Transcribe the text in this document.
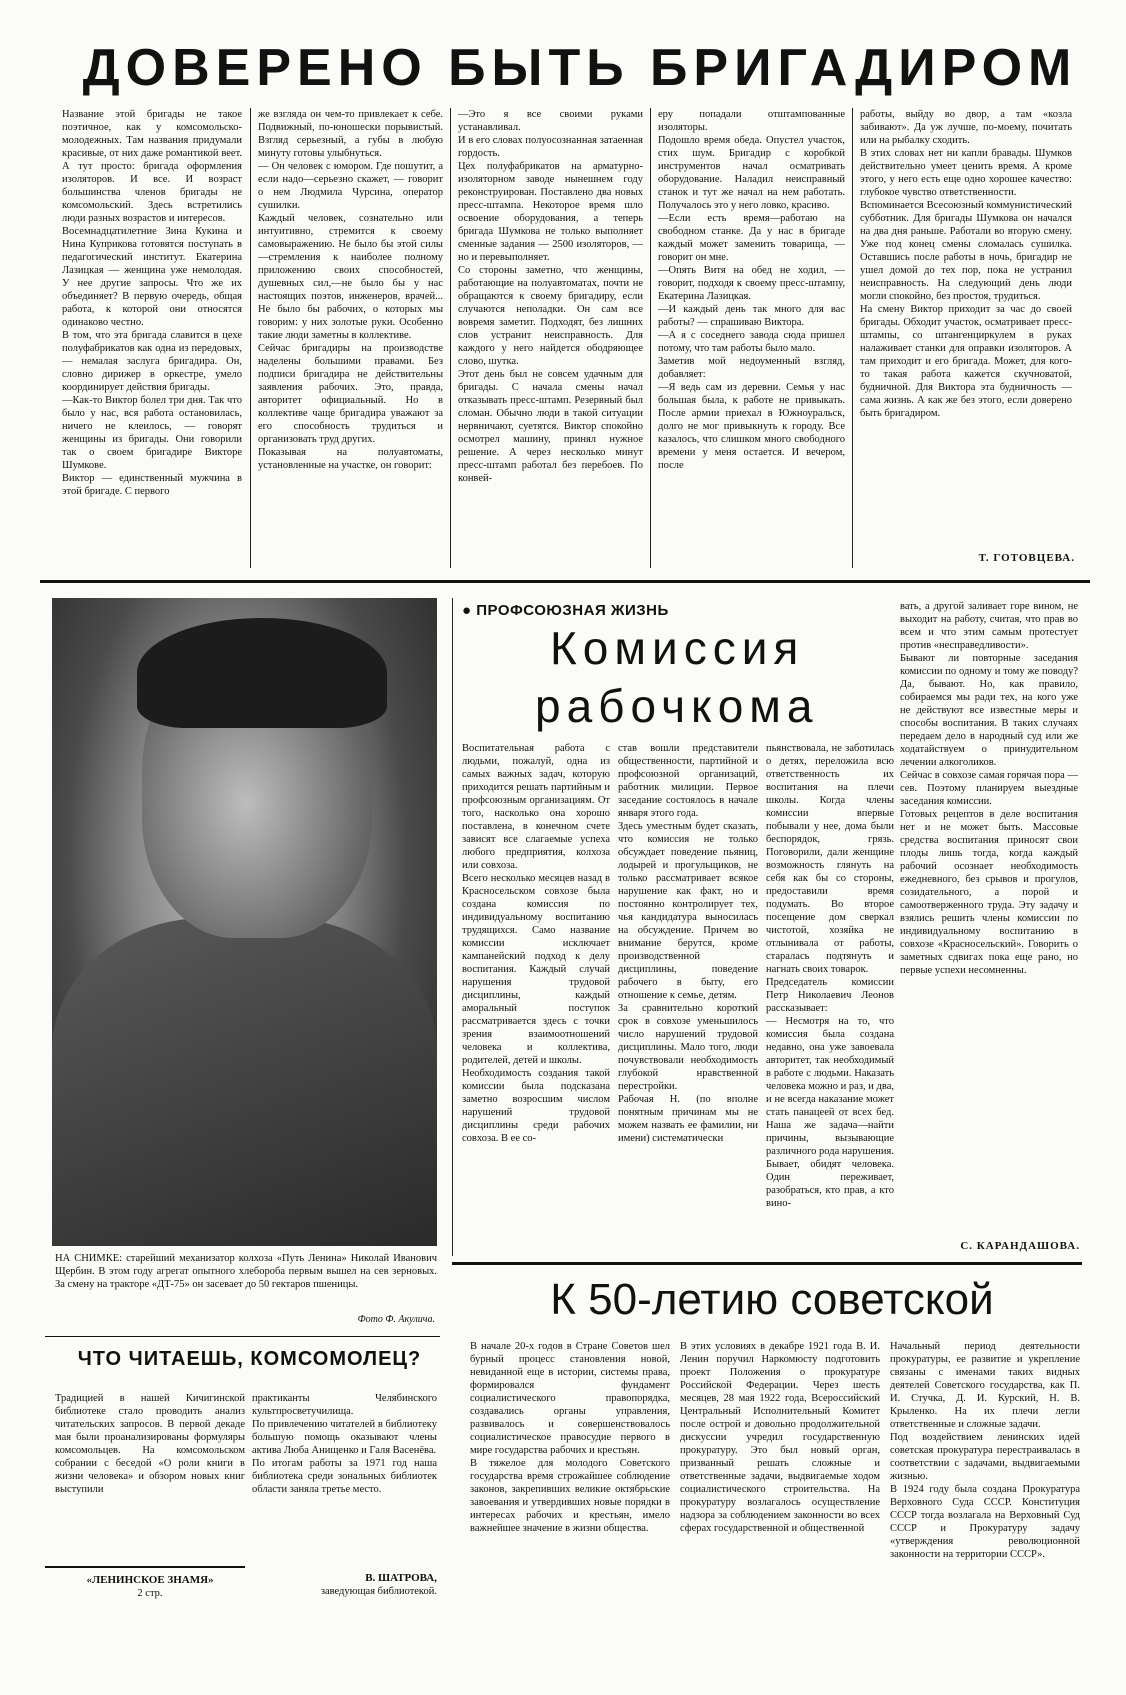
ДОВЕРЕНО БЫТЬ БРИГАДИРОМ
Название этой бригады не такое поэтичное, как у комсомольско-молодежных. Там названия придумали красивые, от них даже романтикой веет. А тут просто: бригада оформления изоляторов. И все. И возраст большинства членов бригады не комсомольский. Здесь встретились люди разных возрастов и интересов.
Восемнадцатилетние Зина Кукина и Нина Куприкова готовятся поступать в педагогический институт. Екатерина Лазицкая — женщина уже немолодая. У нее другие запросы. Что же их объединяет? В первую очередь, общая работа, к которой они относятся одинаково честно.
В том, что эта бригада славится в цехе полуфабрикатов как одна из передовых, — немалая заслуга бригадира. Он, словно дирижер в оркестре, умело координирует действия бригады.
—Как-то Виктор болел три дня. Так что было у нас, вся работа остановилась, ничего не клеилось, — говорят женщины из бригады. Они говорили так о своем бригадире Викторе Шумкове.
Виктор — единственный мужчина в этой бригаде. С первого
же взгляда он чем-то привлекает к себе. Подвижный, по-юношески порывистый. Взгляд серьезный, а губы в любую минуту готовы улыбнуться.
— Он человек с юмором. Где пошутит, а если надо—серьезно скажет, — говорит о нем Людмила Чурсина, оператор сушилки.
Каждый человек, сознательно или интуитивно, стремится к своему самовыражению. Не было бы этой силы—стремления к наиболее полному приложению своих способностей, душевных сил,—не было бы у нас настоящих поэтов, инженеров, врачей... Не было бы рабочих, о которых мы говорим: у них золотые руки. Особенно такие люди заметны в коллективе.
Сейчас бригадиры на производстве наделены большими правами. Без подписи бригадира не действительны заявления рабочих. Это, правда, авторитет официальный. Но в коллективе чаще бригадира уважают за его способность трудиться и организовать труд других.
Показывая на полуавтоматы, установленные на участке, он говорит:
—Это я все своими руками устанавливал.
И в его словах полуосознанная затаенная гордость.
Цех полуфабрикатов на арматурно-изоляторном заводе нынешнем году реконструирован. Поставлено два новых пресс-штампа. Некоторое время шло освоение оборудования, а теперь бригада Шумкова не только выполняет сменные задания — 2500 изоляторов, — но и перевыполняет.
Со стороны заметно, что женщины, работающие на полуавтоматах, почти не обращаются к своему бригадиру, если случаются неполадки. Он сам все вовремя заметит. Подходят, без лишних слов устранит неисправность. Для каждого у него найдется ободряющее слово, шутка.
Этот день был не совсем удачным для бригады. С начала смены начал отказывать пресс-штамп. Резервный был сломан. Обычно люди в такой ситуации нервничают, суетятся. Виктор спокойно осмотрел машину, принял нужное решение. А через несколько минут пресс-штамп работал без перебоев. По конвей-
еру попадали отштампованные изоляторы.
Подошло время обеда. Опустел участок, стих шум. Бригадир с коробкой инструментов начал осматривать оборудование. Наладил неисправный станок и тут же начал на нем работать. Получалось это у него ловко, красиво.
—Если есть время—работаю на свободном станке. Да у нас в бригаде каждый может заменить товарища, — говорит он мне.
—Опять Витя на обед не ходил, — говорит, подходя к своему пресс-штампу, Екатерина Лазицкая.
—И каждый день так много для вас работы? — спрашиваю Виктора.
—А я с соседнего завода сюда пришел потому, что там работы было мало.
Заметив мой недоуменный взгляд, добавляет:
—Я ведь сам из деревни. Семья у нас большая была, к работе не привыкать. После армии приехал в Южноуральск, долго не мог привыкнуть к городу. Все казалось, что слишком много свободного времени у меня остается. И вечером, после
работы, выйду во двор, а там «козла забивают». Да уж лучше, по-моему, почитать или на рыбалку сходить.
В этих словах нет ни капли бравады. Шумков действительно умеет ценить время. А кроме этого, у него есть еще одно хорошее качество: глубокое чувство ответственности.
Вспоминается Всесоюзный коммунистический субботник. Для бригады Шумкова он начался на два дня раньше. Работали во вторую смену. Уже под конец смены сломалась сушилка. Оставшись после работы в ночь, бригадир не ушел домой до тех пор, пока не устранил неисправность. На следующий день люди могли спокойно, без простоя, трудиться.
На смену Виктор приходит за час до своей бригады. Обходит участок, осматривает пресс-штампы, со штангенциркулем в руках налаживает станки для оправки изоляторов. А там приходит и его бригада. Может, для кого-то такая работа кажется скучноватой, будничной. Для Виктора эта будничность — сама жизнь. А как же без этого, если доверено быть бригадиром.
Т. ГОТОВЦЕВА.
НА СНИМКЕ: старейший механизатор колхоза «Путь Ленина» Николай Иванович Щербин. В этом году агрегат опытного хлебороба первым вышел на сев зерновых. За смену на тракторе «ДТ-75» он засевает до 50 гектаров пшеницы.
Фото Ф. Акулича.
ЧТО ЧИТАЕШЬ, КОМСОМОЛЕЦ?
Традицией в нашей Кичигинской библиотеке стало проводить анализ читательских запросов. В первой декаде мая были проанализированы формуляры комсомольцев. На комсомольском собрании с беседой «О роли книги в жизни человека» и обзором новых книг выступили
практиканты Челябинского культпросветучилища.
По привлечению читателей в библиотеку большую помощь оказывают члены актива Люба Анищенко и Галя Васенёва.
По итогам работы за 1971 год наша библиотека среди зональных библиотек области заняла третье место.
В. ШАТРОВА,
заведующая библиотекой.
«ЛЕНИНСКОЕ ЗНАМЯ»
2 стр.
● ПРОФСОЮЗНАЯ ЖИЗНЬ
Комиссия
рабочкома
вать, а другой заливает горе вином, не выходит на работу, считая, что прав во всем и что этим самым протестует против «несправедливости».
Бывают ли повторные заседания комиссии по одному и тому же поводу? Да, бывают. Но, как правило, собираемся мы ради тех, на кого уже не действуют все известные меры и способы воспитания. В таких случаях передаем дело в народный суд или же ходатайствуем о принудительном лечении алкоголиков.
Сейчас в совхозе самая горячая пора — сев. Поэтому планируем выездные заседания комиссии.
Готовых рецептов в деле воспитания нет и не может быть. Массовые средства воспитания приносят свои плоды лишь тогда, когда каждый рабочий осознает необходимость ежедневного, без срывов и прогулов, созидательного, а порой и самоотверженного труда. Эту задачу и взялись решить члены комиссии по индивидуальному воспитанию в совхозе «Красносельский». Говорить о заметных сдвигах пока еще рано, но первые успехи несомненны.
Воспитательная работа с людьми, пожалуй, одна из самых важных задач, которую приходится решать партийным и профсоюзным организациям. От того, насколько она хорошо поставлена, в конечном счете зависят все слагаемые успеха любого предприятия, колхоза или совхоза.
Всего несколько месяцев назад в Красносельском совхозе была создана комиссия по индивидуальному воспитанию трудящихся. Само название комиссии исключает кампанейский подход к делу воспитания. Каждый случай нарушения трудовой дисциплины, каждый аморальный поступок рассматривается здесь с точки зрения взаимоотношений человека и коллектива, родителей, детей и школы.
Необходимость создания такой комиссии была подсказана заметно возросшим числом нарушений трудовой дисциплины среди рабочих совхоза. В ее со-
став вошли представители общественности, партийной и профсоюзной организаций, работник милиции. Первое заседание состоялось в начале января этого года.
Здесь уместным будет сказать, что комиссия не только обсуждает поведение пьяниц, лодырей и прогульщиков, не только рассматривает всякое нарушение как факт, но и постоянно контролирует тех, чья кандидатура выносилась на обсуждение. Причем во внимание берутся, кроме производственной дисциплины, поведение рабочего в быту, его отношение к семье, детям.
За сравнительно короткий срок в совхозе уменьшилось число нарушений трудовой дисциплины. Мало того, люди почувствовали необходимость глубокой нравственной перестройки.
Рабочая Н. (по вполне понятным причинам мы не можем назвать ее фамилии, ни имени) систематически
пьянствовала, не заботилась о детях, переложила всю ответственность их воспитания на плечи школы. Когда члены комиссии впервые побывали у нее, дома были беспорядок, грязь. Поговорили, дали женщине возможность глянуть на себя как бы со стороны, предоставили время подумать. Во второе посещение дом сверкал чистотой, хозяйка не отлынивала от работы, старалась подтянуть и нагнать своих товарок.
Председатель комиссии Петр Николаевич Леонов рассказывает:
— Несмотря на то, что комиссия была создана недавно, она уже завоевала авторитет, так необходимый в работе с людьми. Наказать человека можно и раз, и два, и не всегда наказание может стать панацеей от всех бед. Наша же задача—найти причины, вызывающие различного рода нарушения. Бывает, обидят человека. Один переживает, разобраться, кто прав, а кто вино-
С. КАРАНДАШОВА.
К 50-летию советской
В начале 20-х годов в Стране Советов шел бурный процесс становления новой, невиданной еще в истории, системы права, формировался фундамент социалистического правопорядка, создавались органы управления, развивалось и совершенствовалось социалистическое правосудие первого в мире государства рабочих и крестьян.
В тяжелое для молодого Советского государства время строжайшее соблюдение законов, закрепивших великие октябрьские завоевания и утвердивших новые порядки в интересах рабочих и крестьян, имело важнейшее значение в жизни общества.
В этих условиях в декабре 1921 года В. И. Ленин поручил Наркомюсту подготовить проект Положения о прокуратуре Российской Федерации. Через шесть месяцев, 28 мая 1922 года, Всероссийский Центральный Исполнительный Комитет после острой и довольно продолжительной дискуссии учредил государственную прокуратуру. Это был новый орган, призванный решать сложные и ответственные задачи, выдвигаемые ходом социалистического строительства. На прокуратуру возлагалось осуществление надзора за соблюдением законности во всех сферах государственной и общественной
Начальный период деятельности прокуратуры, ее развитие и укрепление связаны с именами таких видных деятелей Советского государства, как П. И. Стучка, Д. И. Курский, Н. В. Крыленко. На их плечи легли ответственные и сложные задачи.
Под воздействием ленинских идей советская прокуратура перестраивалась в соответствии с задачами, выдвигаемыми жизнью.
В 1924 году была создана Прокуратура Верховного Суда СССР. Конституция СССР тогда возлагала на Верховный Суд СССР и Прокуратуру задачу «утверждения революционной законности на территории СССР».
